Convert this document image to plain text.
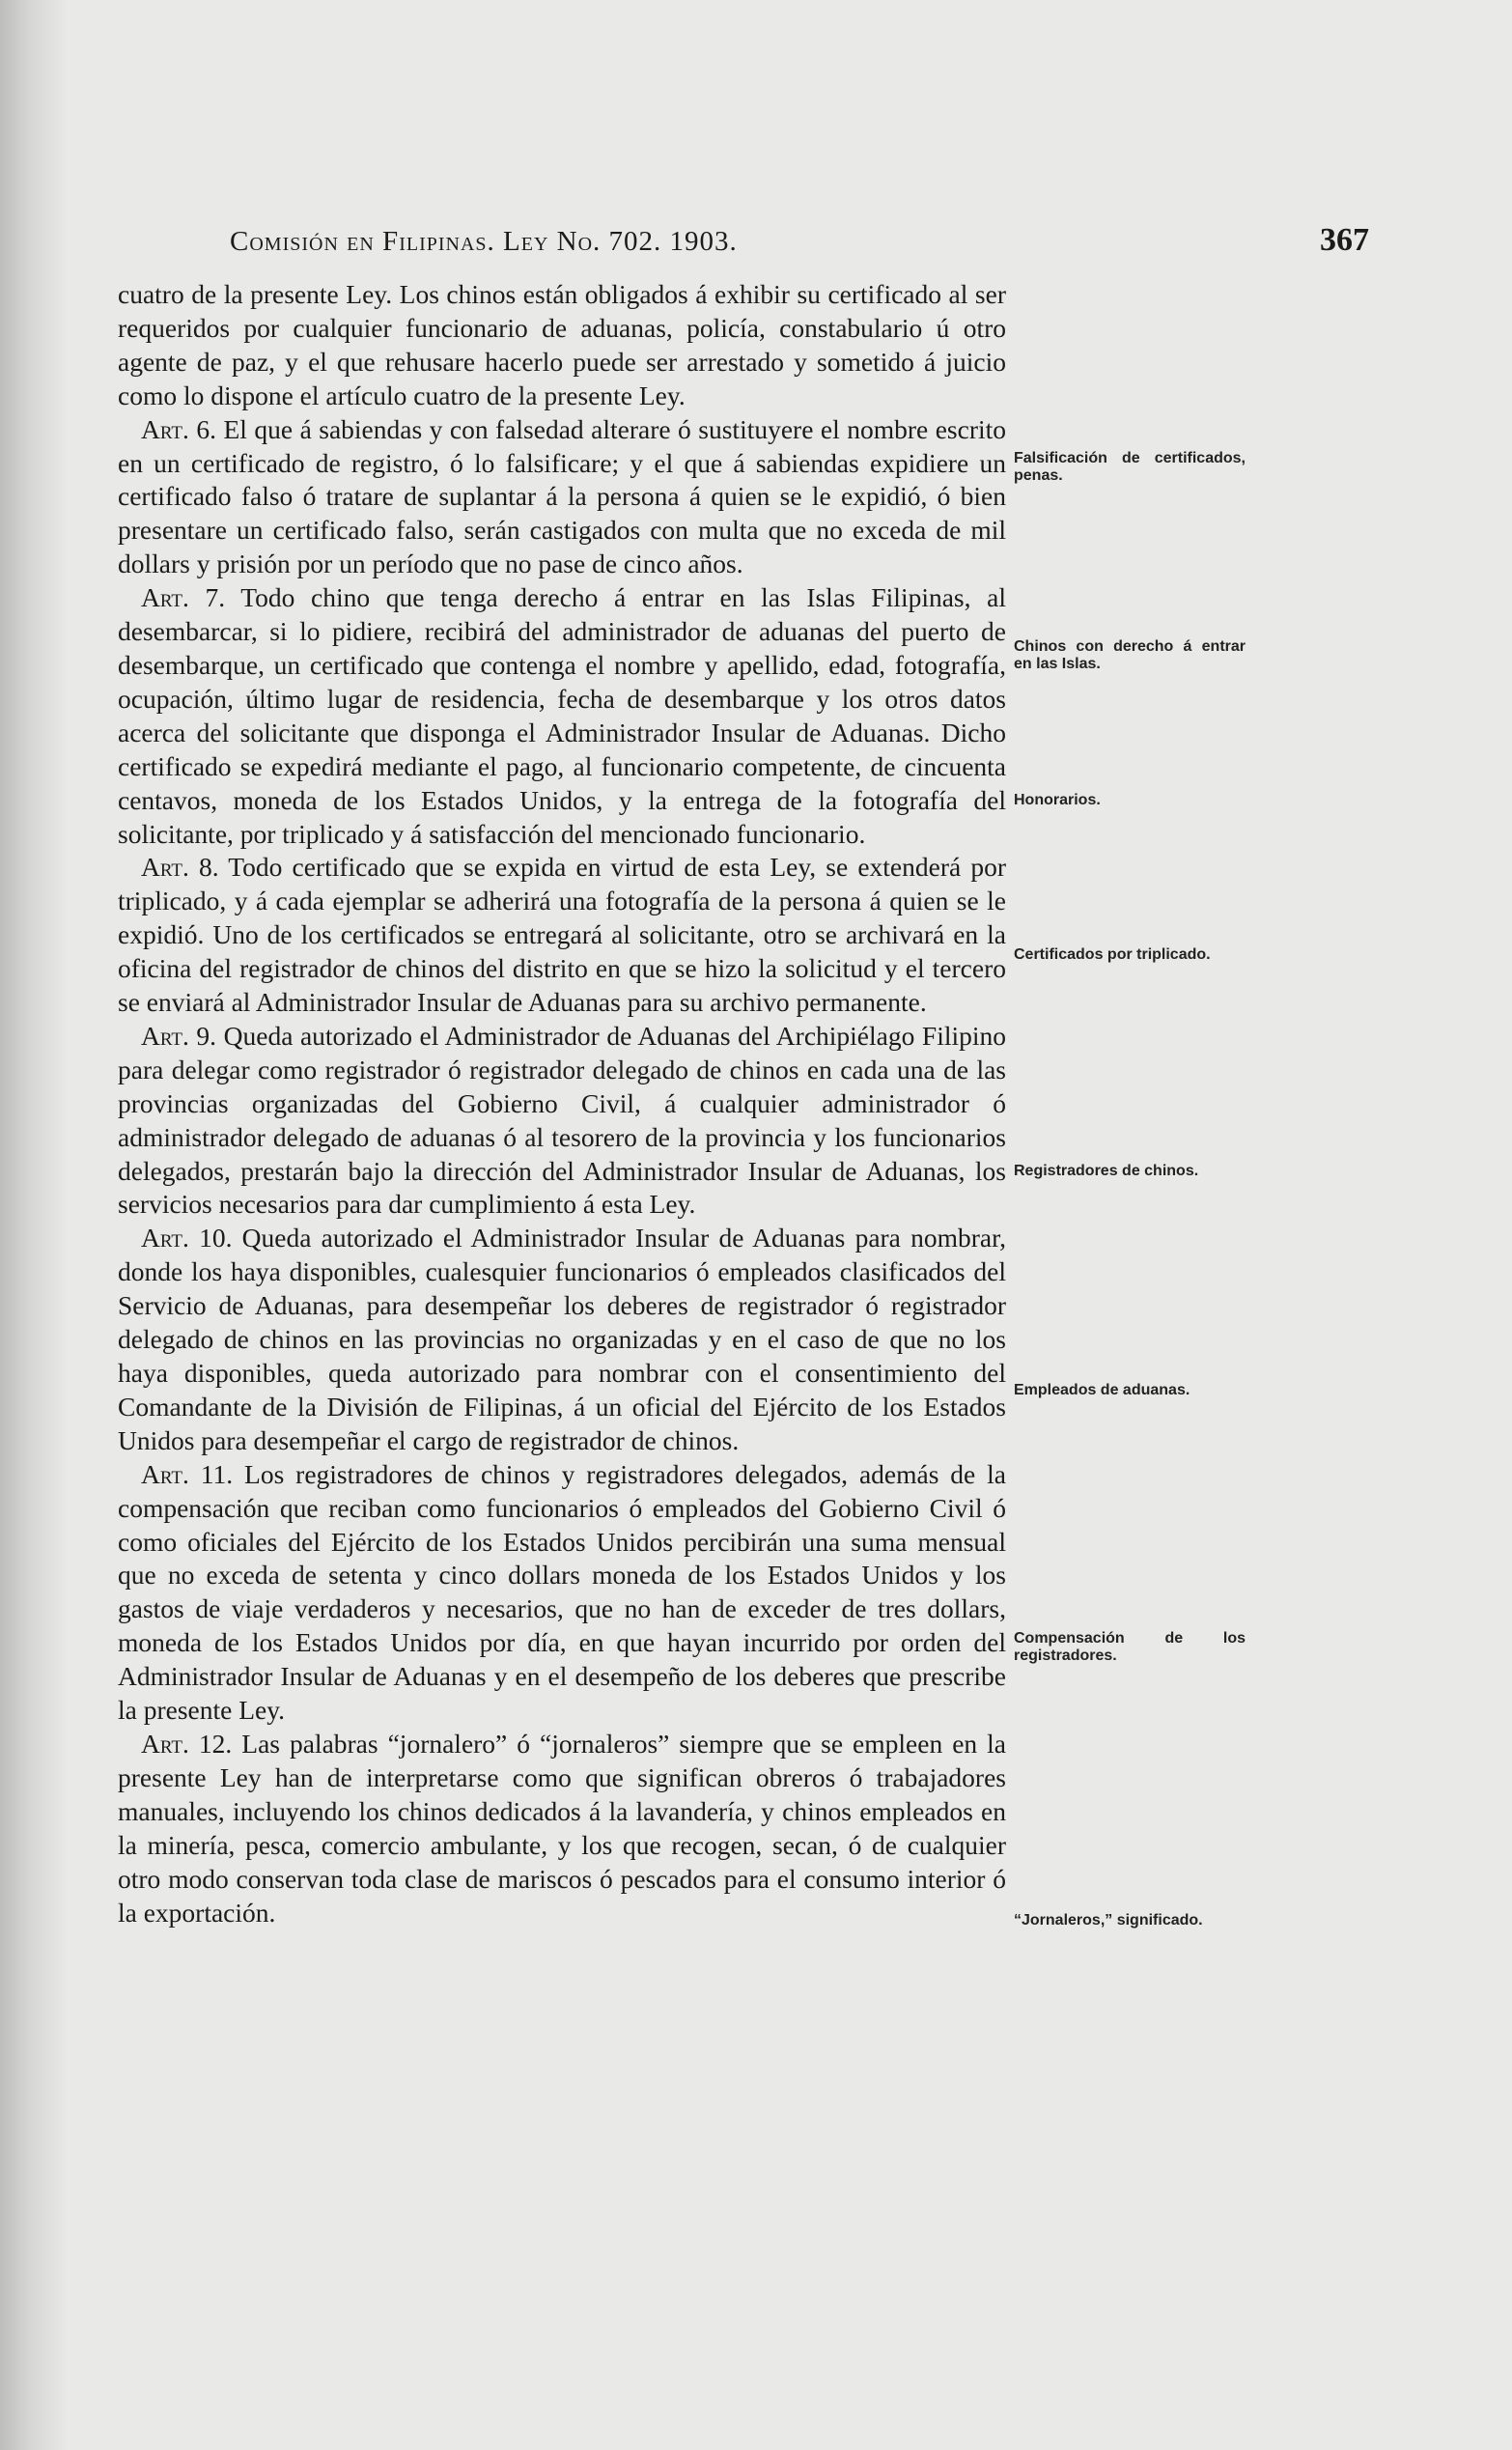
Comisión en Filipinas. Ley No. 702. 1903.	367

cuatro de la presente Ley. Los chinos están obligados á exhibir su certificado al ser requeridos por cualquier funcionario de aduanas, policía, constabulario ú otro agente de paz, y el que rehusare hacerlo puede ser arrestado y sometido á juicio como lo dispone el artículo cuatro de la presente Ley.

Art. 6. El que á sabiendas y con falsedad alterare ó sustituyere el nombre escrito en un certificado de registro, ó lo falsificare; y el que á sabiendas expidiere un certificado falso ó tratare de suplantar á la persona á quien se le expidió, ó bien presentare un certificado falso, serán castigados con multa que no exceda de mil dollars y prisión por un período que no pase de cinco años.

Art. 7. Todo chino que tenga derecho á entrar en las Islas Filipinas, al desembarcar, si lo pidiere, recibirá del administrador de aduanas del puerto de desembarque, un certificado que contenga el nombre y apellido, edad, fotografía, ocupación, último lugar de residencia, fecha de desembarque y los otros datos acerca del solicitante que disponga el Administrador Insular de Aduanas. Dicho certificado se expedirá mediante el pago, al funcionario competente, de cincuenta centavos, moneda de los Estados Unidos, y la entrega de la fotografía del solicitante, por triplicado y á satisfacción del mencionado funcionario.

Art. 8. Todo certificado que se expida en virtud de esta Ley, se extenderá por triplicado, y á cada ejemplar se adherirá una fotografía de la persona á quien se le expidió. Uno de los certificados se entregará al solicitante, otro se archivará en la oficina del registrador de chinos del distrito en que se hizo la solicitud y el tercero se enviará al Administrador Insular de Aduanas para su archivo permanente.

Art. 9. Queda autorizado el Administrador de Aduanas del Archipiélago Filipino para delegar como registrador ó registrador delegado de chinos en cada una de las provincias organizadas del Gobierno Civil, á cualquier administrador ó administrador delegado de aduanas ó al tesorero de la provincia y los funcionarios delegados, prestarán bajo la dirección del Administrador Insular de Aduanas, los servicios necesarios para dar cumplimiento á esta Ley.

Art. 10. Queda autorizado el Administrador Insular de Aduanas para nombrar, donde los haya disponibles, cualesquier funcionarios ó empleados clasificados del Servicio de Aduanas, para desempeñar los deberes de registrador ó registrador delegado de chinos en las provincias no organizadas y en el caso de que no los haya disponibles, queda autorizado para nombrar con el consentimiento del Comandante de la División de Filipinas, á un oficial del Ejército de los Estados Unidos para desempeñar el cargo de registrador de chinos.

Art. 11. Los registradores de chinos y registradores delegados, además de la compensación que reciban como funcionarios ó empleados del Gobierno Civil ó como oficiales del Ejército de los Estados Unidos percibirán una suma mensual que no exceda de setenta y cinco dollars moneda de los Estados Unidos y los gastos de viaje verdaderos y necesarios, que no han de exceder de tres dollars, moneda de los Estados Unidos por día, en que hayan incurrido por orden del Administrador Insular de Aduanas y en el desempeño de los deberes que prescribe la presente Ley.

Art. 12. Las palabras “jornalero” ó “jornaleros” siempre que se empleen en la presente Ley han de interpretarse como que significan obreros ó trabajadores manuales, incluyendo los chinos dedicados á la lavandería, y chinos empleados en la minería, pesca, comercio ambulante, y los que recogen, secan, ó de cualquier otro modo conservan toda clase de mariscos ó pescados para el consumo interior ó la exportación.

Falsificación de certificados, penas.
Chinos con derecho á entrar en las Islas.
Honorarios.
Certificados por triplicado.
Registradores de chinos.
Empleados de aduanas.
Compensación de los registradores.
“Jornaleros,” significado.
